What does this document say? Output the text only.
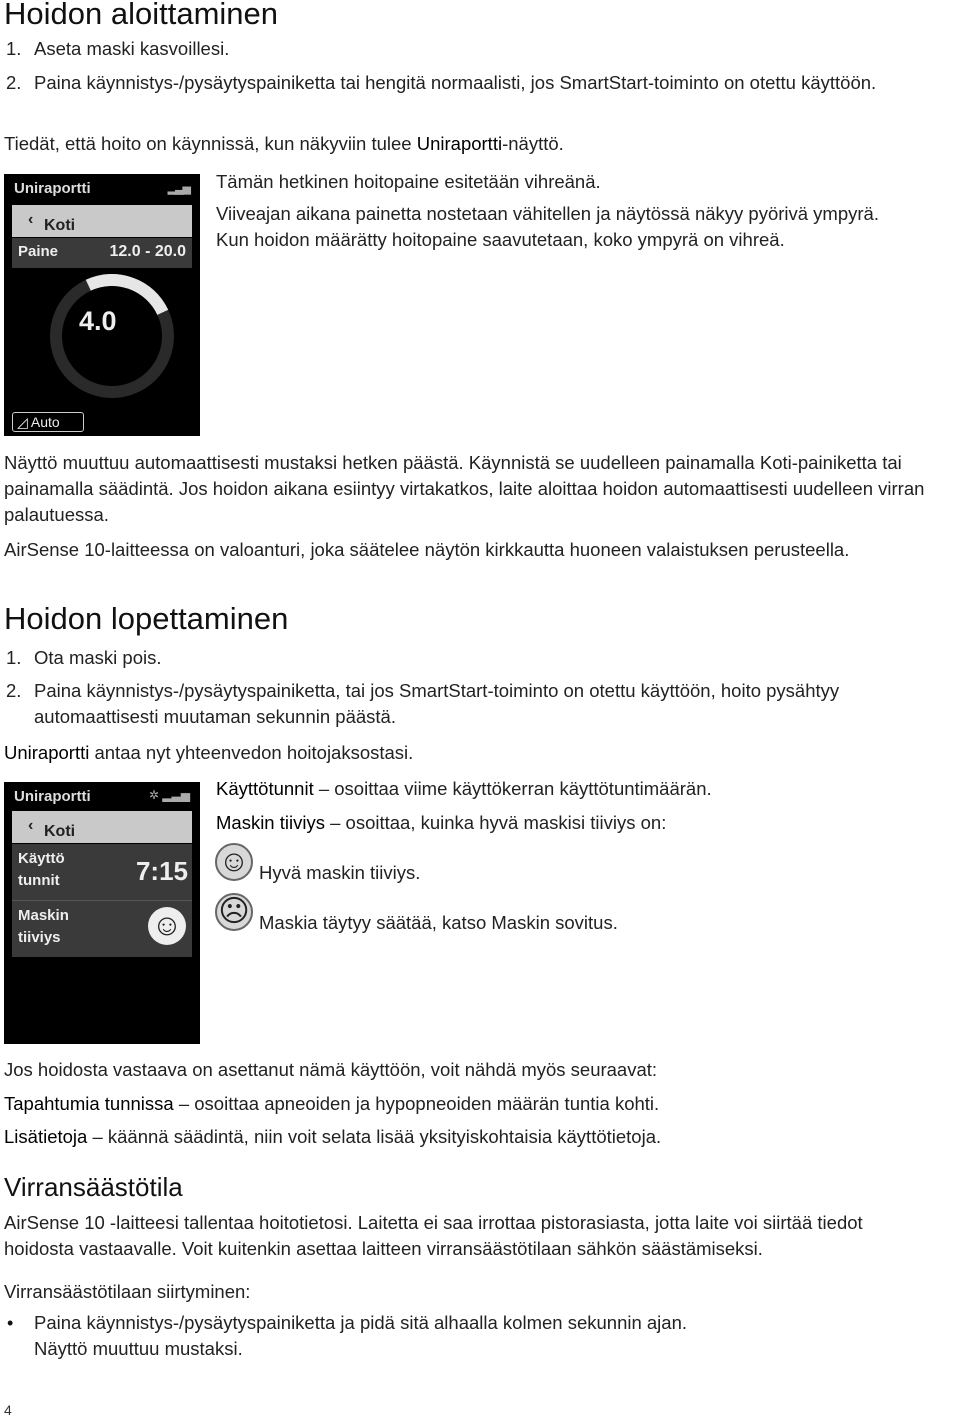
Hoidon aloittaminen
1. Aseta maski kasvoillesi.

2. Paina käynnistys-/pysäytyspainiketta tai hengitä normaalisti, jos SmartStart-toiminto on otettu käyttöön.

Tiedät, että hoito on käynnissä, kun näkyviin tulee Uniraportti-näyttö.

Uniraportti	▂▃▅
‹ Koti
Paine	12.0 - 20.0
4.0
◿ Auto

Tämän hetkinen hoitopaine esitetään vihreänä.

Viiveajan aikana painetta nostetaan vähitellen ja näytössä näkyy pyörivä ympyrä.

Kun hoidon määrätty hoitopaine saavutetaan, koko ympyrä on vihreä.

Näyttö muuttuu automaattisesti mustaksi hetken päästä. Käynnistä se uudelleen painamalla Koti-painiketta tai painamalla säädintä. Jos hoidon aikana esiintyy virtakatkos, laite aloittaa hoidon automaattisesti uudelleen virran palautuessa.

AirSense 10-laitteessa on valoanturi, joka säätelee näytön kirkkautta huoneen valaistuksen perusteella.

Hoidon lopettaminen
1. Ota maski pois.

2. Paina käynnistys-/pysäytyspainiketta, tai jos SmartStart-toiminto on otettu käyttöön, hoito pysähtyy automaattisesti muutaman sekunnin päästä.

Uniraportti antaa nyt yhteenvedon hoitojaksostasi.

Uniraportti	✲ ▂▃▅
‹ Koti
Käyttö
tunnit	7:15
Maskin
tiiviys	☺

Käyttötunnit – osoittaa viime käyttökerran käyttötuntimäärän.

Maskin tiiviys – osoittaa, kuinka hyvä maskisi tiiviys on:

☺ Hyvä maskin tiiviys.

☹ Maskia täytyy säätää, katso Maskin sovitus.

Jos hoidosta vastaava on asettanut nämä käyttöön, voit nähdä myös seuraavat:

Tapahtumia tunnissa – osoittaa apneoiden ja hypopneoiden määrän tuntia kohti.

Lisätietoja – käännä säädintä, niin voit selata lisää yksityiskohtaisia käyttötietoja.

Virransäästötila

AirSense 10 -laitteesi tallentaa hoitotietosi. Laitetta ei saa irrottaa pistorasiasta, jotta laite voi siirtää tiedot hoidosta vastaavalle. Voit kuitenkin asettaa laitteen virransäästötilaan sähkön säästämiseksi.

Virransäästötilaan siirtyminen:

• Paina käynnistys-/pysäytyspainiketta ja pidä sitä alhaalla kolmen sekunnin ajan.

Näyttö muuttuu mustaksi.

4
